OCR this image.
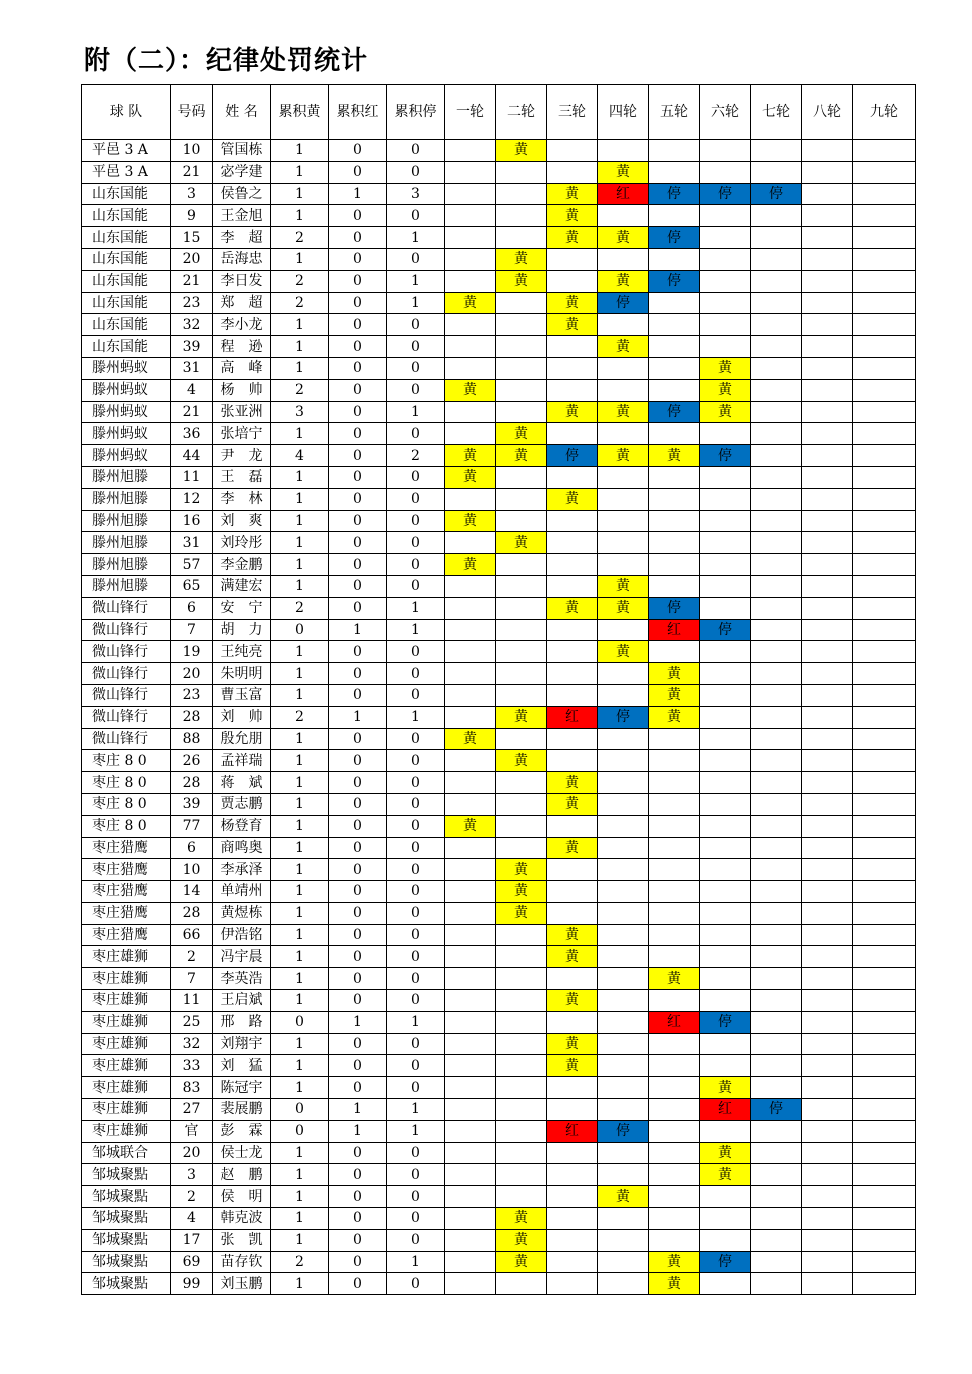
附（二）：纪律处罚统计
球 队	号码	姓 名	累积黄	累积红	累积停	一轮	二轮	三轮	四轮	五轮	六轮	七轮	八轮	九轮
平邑 3 A	10	管国栋	1	0	0		黄							
平邑 3 A	21	宓学建	1	0	0				黄					
山东国能	3	侯鲁之	1	1	3			黄	红	停	停	停		
山东国能	9	王金旭	1	0	0			黄						
山东国能	15	李　超	2	0	1			黄	黄	停				
山东国能	20	岳海忠	1	0	0		黄							
山东国能	21	李日发	2	0	1		黄		黄	停				
山东国能	23	郑　超	2	0	1	黄		黄	停					
山东国能	32	李小龙	1	0	0			黄						
山东国能	39	程　逊	1	0	0				黄					
滕州蚂蚁	31	高　峰	1	0	0						黄			
滕州蚂蚁	4	杨　帅	2	0	0	黄					黄			
滕州蚂蚁	21	张亚洲	3	0	1			黄	黄	停	黄			
滕州蚂蚁	36	张培宁	1	0	0		黄							
滕州蚂蚁	44	尹　龙	4	0	2	黄	黄	停	黄	黄	停			
滕州旭滕	11	王　磊	1	0	0	黄								
滕州旭滕	12	李　林	1	0	0			黄						
滕州旭滕	16	刘　爽	1	0	0	黄								
滕州旭滕	31	刘玲彤	1	0	0		黄							
滕州旭滕	57	李金鹏	1	0	0	黄								
滕州旭滕	65	满建宏	1	0	0				黄					
微山锋行	6	安　宁	2	0	1			黄	黄	停				
微山锋行	7	胡　力	0	1	1					红	停			
微山锋行	19	王纯亮	1	0	0				黄					
微山锋行	20	朱明明	1	0	0					黄				
微山锋行	23	曹玉富	1	0	0					黄				
微山锋行	28	刘　帅	2	1	1		黄	红	停	黄				
微山锋行	88	殷允朋	1	0	0	黄								
枣庄 8 0	26	孟祥瑞	1	0	0		黄							
枣庄 8 0	28	蒋　斌	1	0	0			黄						
枣庄 8 0	39	贾志鹏	1	0	0			黄						
枣庄 8 0	77	杨登育	1	0	0	黄								
枣庄猎鹰	6	商鸣奥	1	0	0			黄						
枣庄猎鹰	10	李承泽	1	0	0		黄							
枣庄猎鹰	14	单靖州	1	0	0		黄							
枣庄猎鹰	28	黄煜栋	1	0	0		黄							
枣庄猎鹰	66	伊浩铭	1	0	0			黄						
枣庄雄狮	2	冯宇晨	1	0	0			黄						
枣庄雄狮	7	李英浩	1	0	0					黄				
枣庄雄狮	11	王启斌	1	0	0			黄						
枣庄雄狮	25	邢　路	0	1	1					红	停			
枣庄雄狮	32	刘翔宇	1	0	0			黄						
枣庄雄狮	33	刘　猛	1	0	0			黄						
枣庄雄狮	83	陈冠宇	1	0	0						黄			
枣庄雄狮	27	裴展鹏	0	1	1						红	停		
枣庄雄狮	官	彭　霖	0	1	1			红	停					
邹城联合	20	侯士龙	1	0	0						黄			
邹城聚點	3	赵　鹏	1	0	0						黄			
邹城聚點	2	侯　明	1	0	0				黄					
邹城聚點	4	韩克波	1	0	0		黄							
邹城聚點	17	张　凯	1	0	0		黄							
邹城聚點	69	苗存钦	2	0	1		黄			黄	停			
邹城聚點	99	刘玉鹏	1	0	0					黄				
